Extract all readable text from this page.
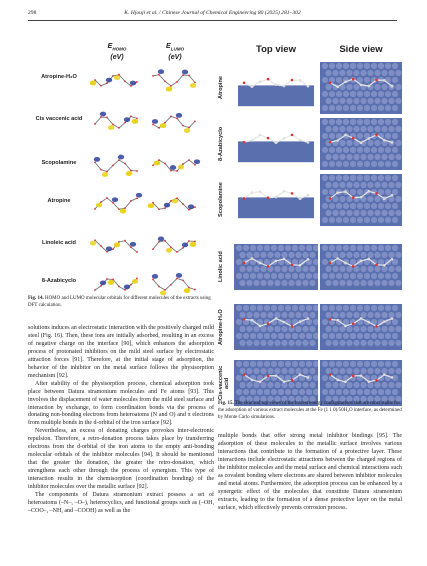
298	K. Hjouji et al. / Chinese Journal of Chemical Engineering 80 (2025) 281–302
$E_{HOMO}$
(eV)
$E_{LUMO}$
(eV)
Atropine-H₂O
Cis vaccenic acid
Scopolamine
Atropine
Linoleic acid
8-Azabicyclo
Fig. 14. HOMO and LUMO molecular orbitals for different molecules of the extracts using DFT calculation.

solutions induces an electrostatic interaction with the positively charged mild steel (Fig. 16). Then, these ions are initially adsorbed, resulting in an excess of negative charge on the interface [90], which enhances the adsorption process of protonated inhibitors on the mild steel surface by electrostatic attraction forces [91]. Therefore, at the initial stage of adsorption, the behavior of the inhibitor on the metal surface follows the physisorption mechanism [92].

After stability of the physisorption process, chemical adsorption took place between Datura stramonium molecules and Fe atoms [93]. This involves the displacement of water molecules from the mild steel surface and interaction by exchange, to form coordination bonds via the process of donating non-bonding electrons from heteroatoms (N and O) and π electrons from multiple bonds in the d-orbital of the iron surface [92].

Nevertheless, an excess of donating charges provokes inter-electronic repulsion. Therefore, a retro-donation process takes place by transferring electrons from the d-orbital of the iron atoms to the empty anti-bonding molecular orbitals of the inhibitor molecules [94]. It should be mentioned that the greater the donation, the greater the retro-donation, which strengthens each other through the process of synergism. This type of interaction results in the chemisorption (coordination bonding) of the inhibitor molecules over the metallic surface [92].

The components of Datura stramonium extract possess a set of heteroatoms (–N–, –O–), heterocyclics, and functional groups such as (–OH, –COO–, –NH, and –COOH) as well as the

Top view	Side view
Atropine
8-Azabicyclo
Scopolamine
Linolic acid
Atropine-H₂O
Cis-vaccenic acid
Fig. 15. The side and top views of the lowest energy configurations that are most stable for the adsorption of various extract molecules at the Fe (1 1 0)/50H₂O interface, as determined by Monte Carlo simulations.

multiple bonds that offer strong metal inhibitor bindings [95]. The adsorption of these molecules to the metallic surface involves various interactions that contribute to the formation of a protective layer. These interactions include electrostatic attractions between the charged regions of the inhibitor molecules and the metal surface and chemical interactions such as covalent bonding where electrons are shared between inhibitor molecules and metal atoms. Furthermore, the adsorption process can be enhanced by a synergetic effect of the molecules that constitute Datura stramonium extracts, leading to the formation of a dense protective layer on the metal surface, which effectively prevents corrosion process.
